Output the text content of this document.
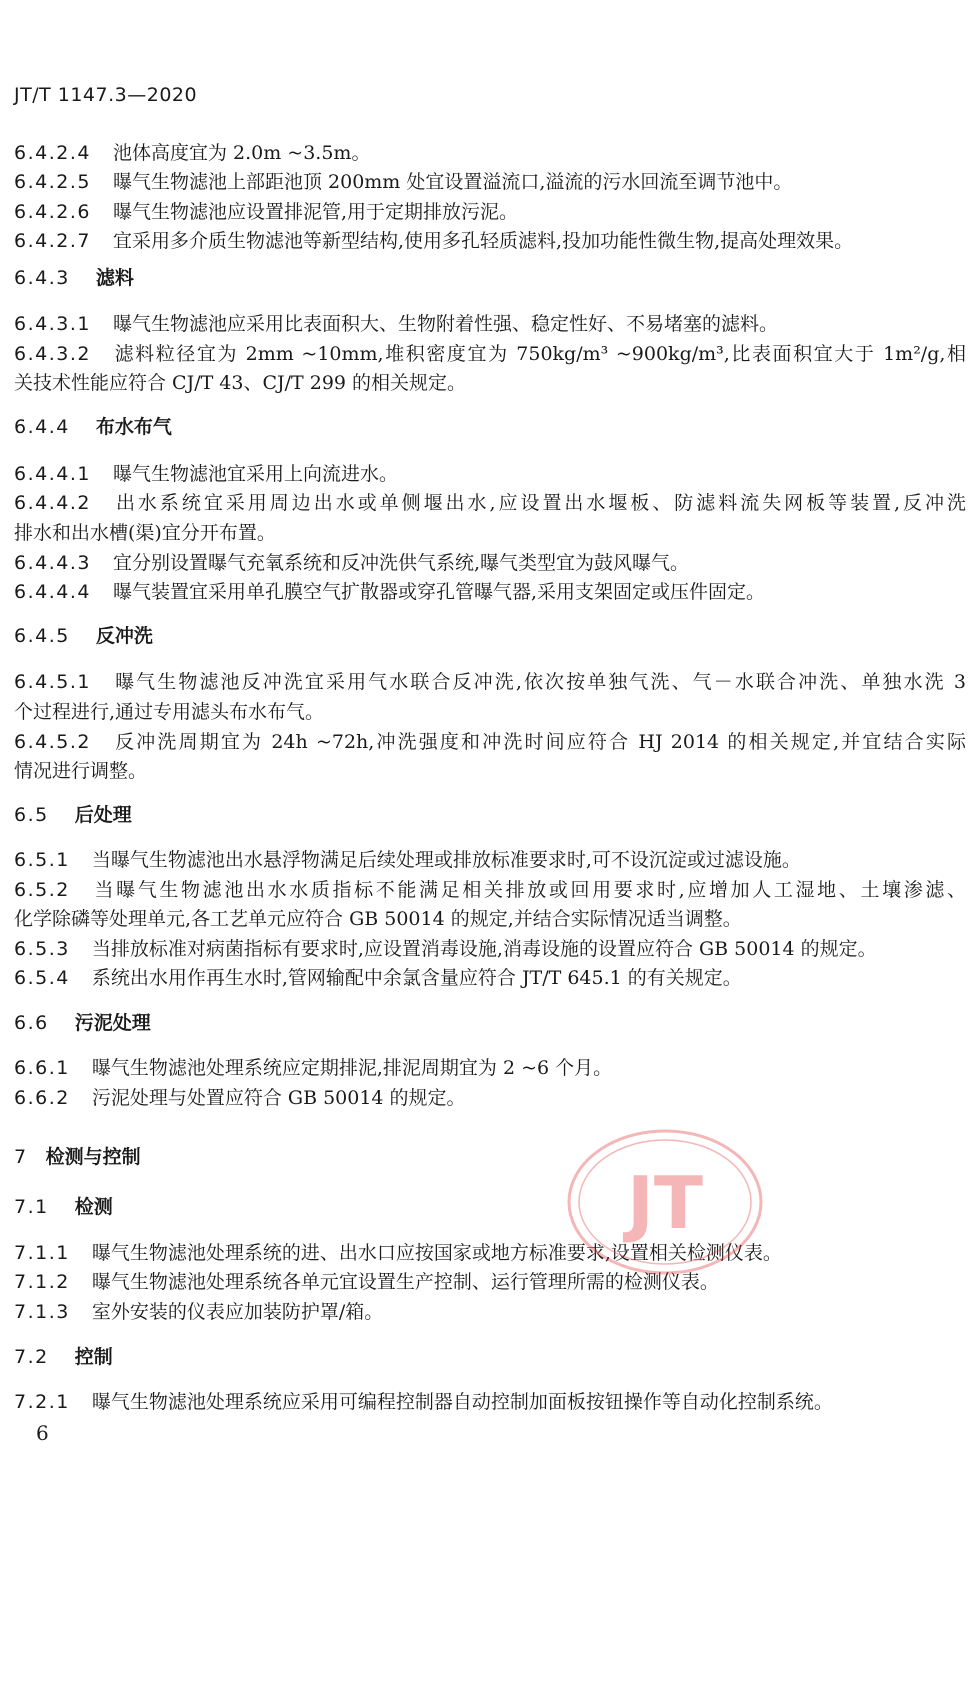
JT/T 1147.3—2020
6.4.2.4 池体高度宜为 2.0m ~3.5m。
6.4.2.5 曝气生物滤池上部距池顶 200mm 处宜设置溢流口,溢流的污水回流至调节池中。
6.4.2.6 曝气生物滤池应设置排泥管,用于定期排放污泥。
6.4.2.7 宜采用多介质生物滤池等新型结构,使用多孔轻质滤料,投加功能性微生物,提高处理效果。
6.4.3 滤料
6.4.3.1 曝气生物滤池应采用比表面积大、生物附着性强、稳定性好、不易堵塞的滤料。
6.4.3.2 滤料粒径宜为 2mm ~10mm,堆积密度宜为 750kg/m³ ~900kg/m³,比表面积宜大于 1m²/g,相
关技术性能应符合 CJ/T 43、CJ/T 299 的相关规定。
6.4.4 布水布气
6.4.4.1 曝气生物滤池宜采用上向流进水。
6.4.4.2 出水系统宜采用周边出水或单侧堰出水,应设置出水堰板、防滤料流失网板等装置,反冲洗
排水和出水槽(渠)宜分开布置。
6.4.4.3 宜分别设置曝气充氧系统和反冲洗供气系统,曝气类型宜为鼓风曝气。
6.4.4.4 曝气装置宜采用单孔膜空气扩散器或穿孔管曝气器,采用支架固定或压件固定。
6.4.5 反冲洗
6.4.5.1 曝气生物滤池反冲洗宜采用气水联合反冲洗,依次按单独气洗、气－水联合冲洗、单独水洗 3
个过程进行,通过专用滤头布水布气。
6.4.5.2 反冲洗周期宜为 24h ~72h,冲洗强度和冲洗时间应符合 HJ 2014 的相关规定,并宜结合实际
情况进行调整。
6.5 后处理
6.5.1 当曝气生物滤池出水悬浮物满足后续处理或排放标准要求时,可不设沉淀或过滤设施。
6.5.2 当曝气生物滤池出水水质指标不能满足相关排放或回用要求时,应增加人工湿地、土壤渗滤、
化学除磷等处理单元,各工艺单元应符合 GB 50014 的规定,并结合实际情况适当调整。
6.5.3 当排放标准对病菌指标有要求时,应设置消毒设施,消毒设施的设置应符合 GB 50014 的规定。
6.5.4 系统出水用作再生水时,管网输配中余氯含量应符合 JT/T 645.1 的有关规定。
6.6 污泥处理
6.6.1 曝气生物滤池处理系统应定期排泥,排泥周期宜为 2 ~6 个月。
6.6.2 污泥处理与处置应符合 GB 50014 的规定。
7 检测与控制
7.1 检测
7.1.1 曝气生物滤池处理系统的进、出水口应按国家或地方标准要求,设置相关检测仪表。
7.1.2 曝气生物滤池处理系统各单元宜设置生产控制、运行管理所需的检测仪表。
7.1.3 室外安装的仪表应加装防护罩/箱。
7.2 控制
7.2.1 曝气生物滤池处理系统应采用可编程控制器自动控制加面板按钮操作等自动化控制系统。
JT
6
